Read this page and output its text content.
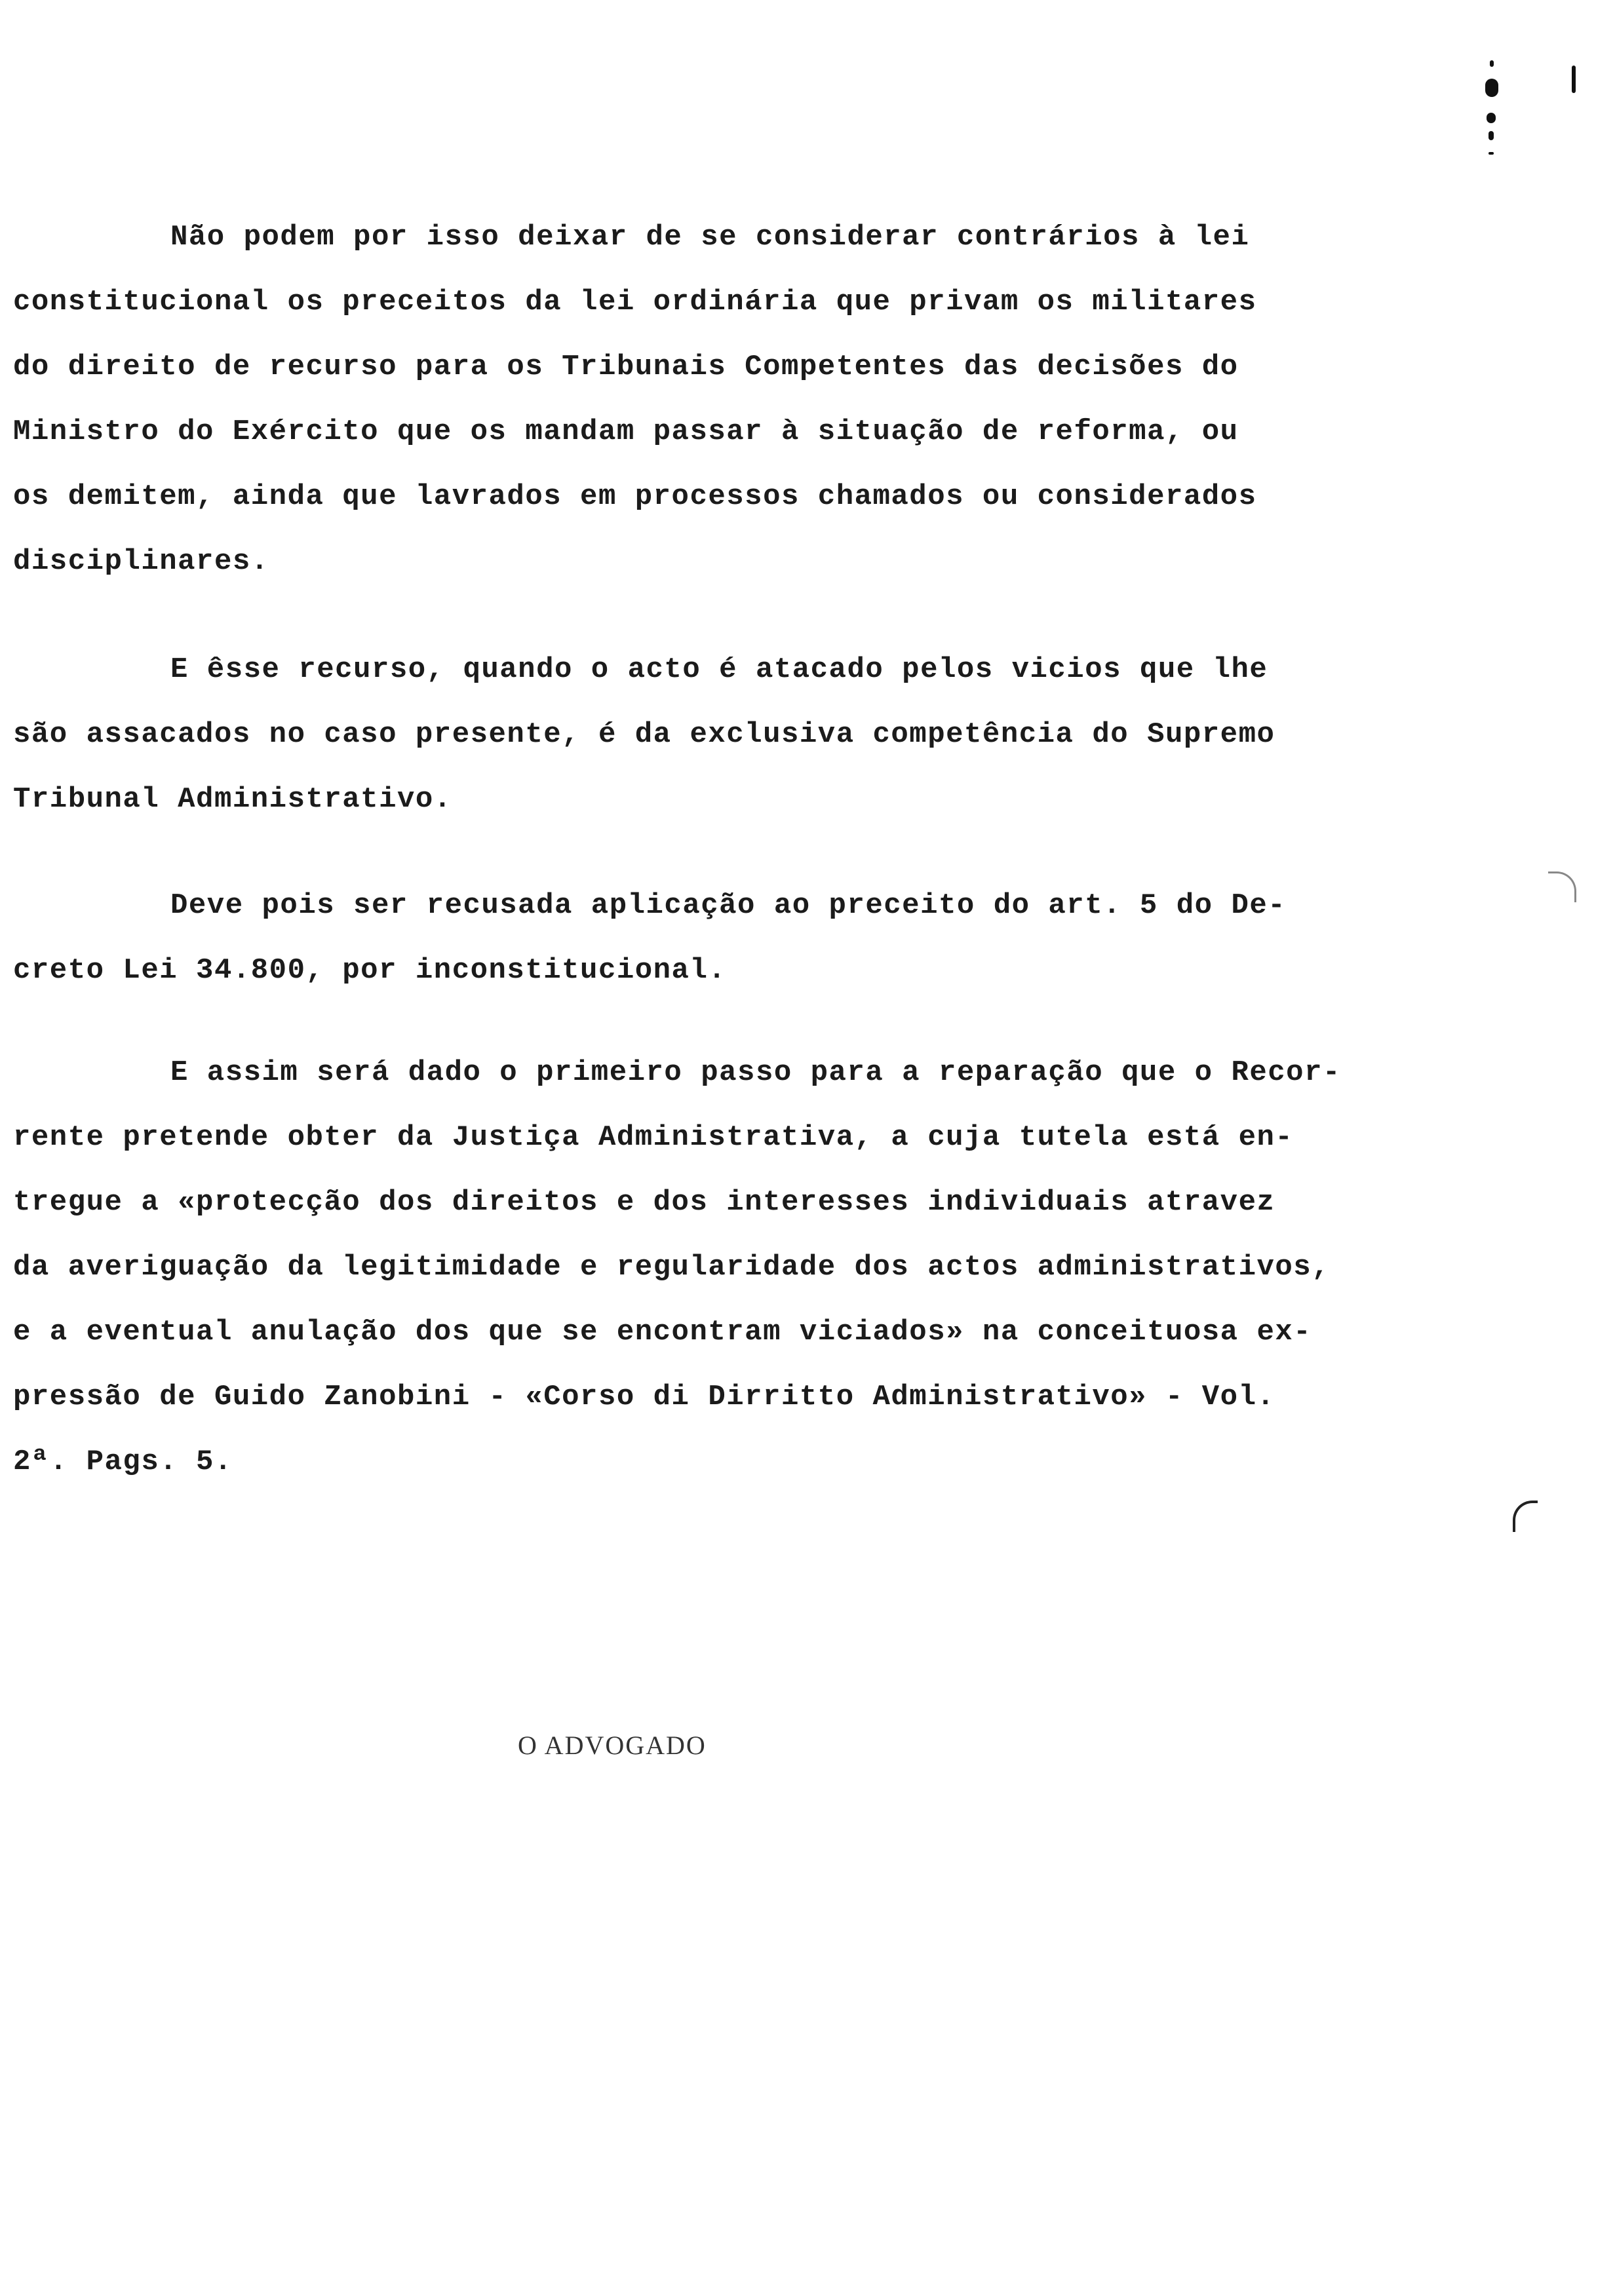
Não podem por isso deixar de se considerar contrários à lei
constitucional os preceitos da lei ordinária que privam os militares
do direito de recurso para os Tribunais Competentes das decisões do
Ministro do Exército que os mandam passar à situação de reforma, ou
os demitem, ainda que lavrados em processos chamados ou considerados
disciplinares.
E êsse recurso, quando o acto é atacado pelos vicios que lhe
são assacados no caso presente, é da exclusiva competência do Supremo
Tribunal Administrativo.
Deve pois ser recusada aplicação ao preceito do art. 5 do De-
creto Lei 34.800, por inconstitucional.
E assim será dado o primeiro passo para a reparação que o Recor-
rente pretende obter da Justiça Administrativa, a cuja tutela está en-
tregue a «protecção dos direitos e dos interesses individuais atravez
da averiguação da legitimidade e regularidade dos actos administrativos,
e a eventual anulação dos que se encontram viciados» na conceituosa ex-
pressão de Guido Zanobini - «Corso di Dirritto Administrativo» - Vol.
2ª. Pags. 5.
O ADVOGADO
